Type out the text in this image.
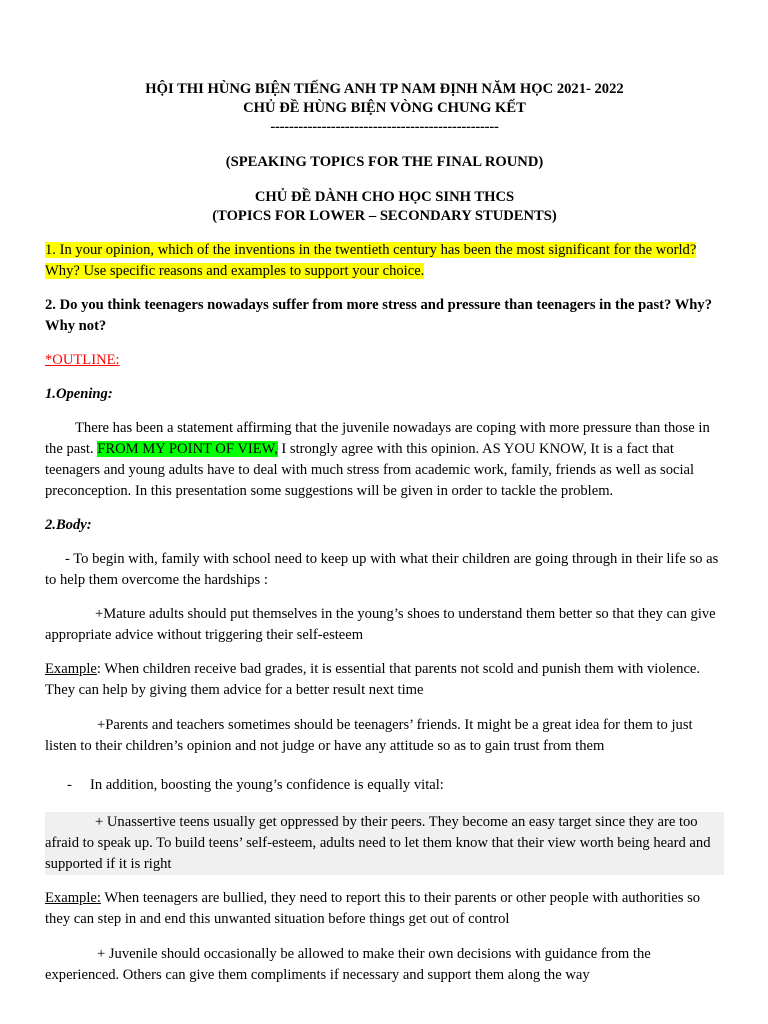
HỘI THI HÙNG BIỆN TIẾNG ANH TP NAM ĐỊNH NĂM HỌC 2021- 2022
CHỦ ĐỀ HÙNG BIỆN VÒNG CHUNG KẾT
-------------------------------------------------
(SPEAKING TOPICS FOR THE FINAL ROUND)
CHỦ ĐỀ DÀNH CHO HỌC SINH THCS
(TOPICS FOR LOWER – SECONDARY STUDENTS)

1. In your opinion, which of the inventions in the twentieth century has been the most significant for the world? Why? Use specific reasons and examples to support your choice.

2. Do you think teenagers nowadays suffer from more stress and pressure than teenagers in the past? Why? Why not?

*OUTLINE:

1.Opening:

There has been a statement affirming that the juvenile nowadays are coping with more pressure than those in the past. FROM MY POINT OF VIEW, I strongly agree with this opinion. AS YOU KNOW, It is a fact that teenagers and young adults have to deal with much stress from academic work, family, friends as well as social preconception. In this presentation some suggestions will be given in order to tackle the problem.

2.Body:

- To begin with, family with school need to keep up with what their children are going through in their life so as to help them overcome the hardships :

+Mature adults should put themselves in the young’s shoes to understand them better so that they can give appropriate advice without triggering their self-esteem

Example: When children receive bad grades, it is essential that parents not scold and punish them with violence. They can help by giving them advice for a better result next time

+Parents and teachers sometimes should be teenagers’ friends. It might be a great idea for them to just listen to their children’s opinion and not judge or have any attitude so as to gain trust from them

- In addition, boosting the young’s confidence is equally vital:

+ Unassertive teens usually get oppressed by their peers. They become an easy target since they are too afraid to speak up. To build teens’ self-esteem, adults need to let them know that their view worth being heard and supported if it is right

Example: When teenagers are bullied, they need to report this to their parents or other people with authorities so they can step in and end this unwanted situation before things get out of control

+ Juvenile should occasionally be allowed to make their own decisions with guidance from the experienced. Others can give them compliments if necessary and support them along the way
